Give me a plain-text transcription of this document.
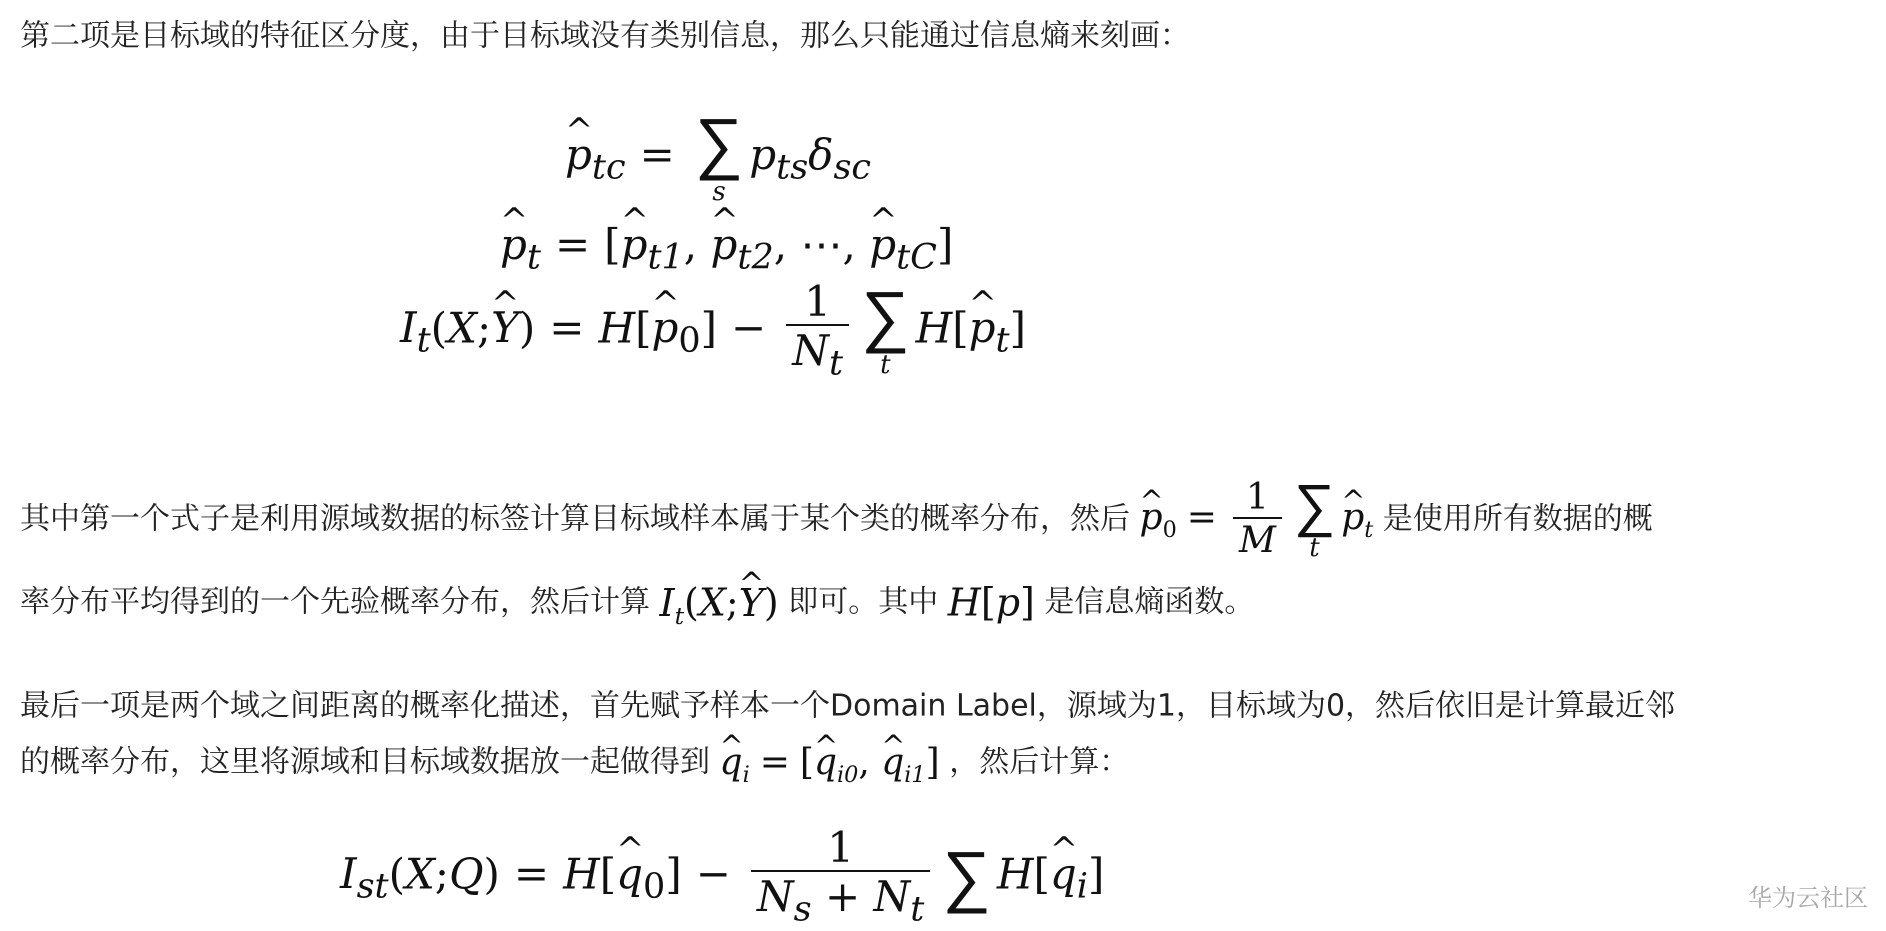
第二项是目标域的特征区分度，由于目标域没有类别信息，那么只能通过信息熵来刻画：
^ $p_{tc}$ = ∑
s
$p_{ts}\delta_{sc}$
^ $p_t$ = [^ $p_{t1}$, ^ $p_{t2}$, ⋯, ^ $p_{tC}$]
$I_t(X;\^{}$ Y) = H[^ $p_0] - \frac{1}{N_t}$ ∑
t
H[^ $p_t$]
其中第一个式子是利用源域数据的标签计算目标域样本属于某个类的概率分布，然后 ^ $p_0 = \frac{1}{M}$ ∑
t
^ $p_t$ 是使用所有数据的概
率分布平均得到的一个先验概率分布，然后计算 $I_t(X;\^{}$ Y) 即可。其中 H[p] 是信息熵函数。
最后一项是两个域之间距离的概率化描述，首先赋予样本一个Domain Label，源域为1，目标域为0，然后依旧是计算最近邻
的概率分布，这里将源域和目标域数据放一起做得到 ^ $q_i$ = [^ $q_{i0}$, ^ $q_{i1}$] ，然后计算：
$I_{st}(X;Q)$ = H[^ $q_0] - \frac{1}{N_s + N_t}$ ∑ H[^ $q_i$]	华为云社区
